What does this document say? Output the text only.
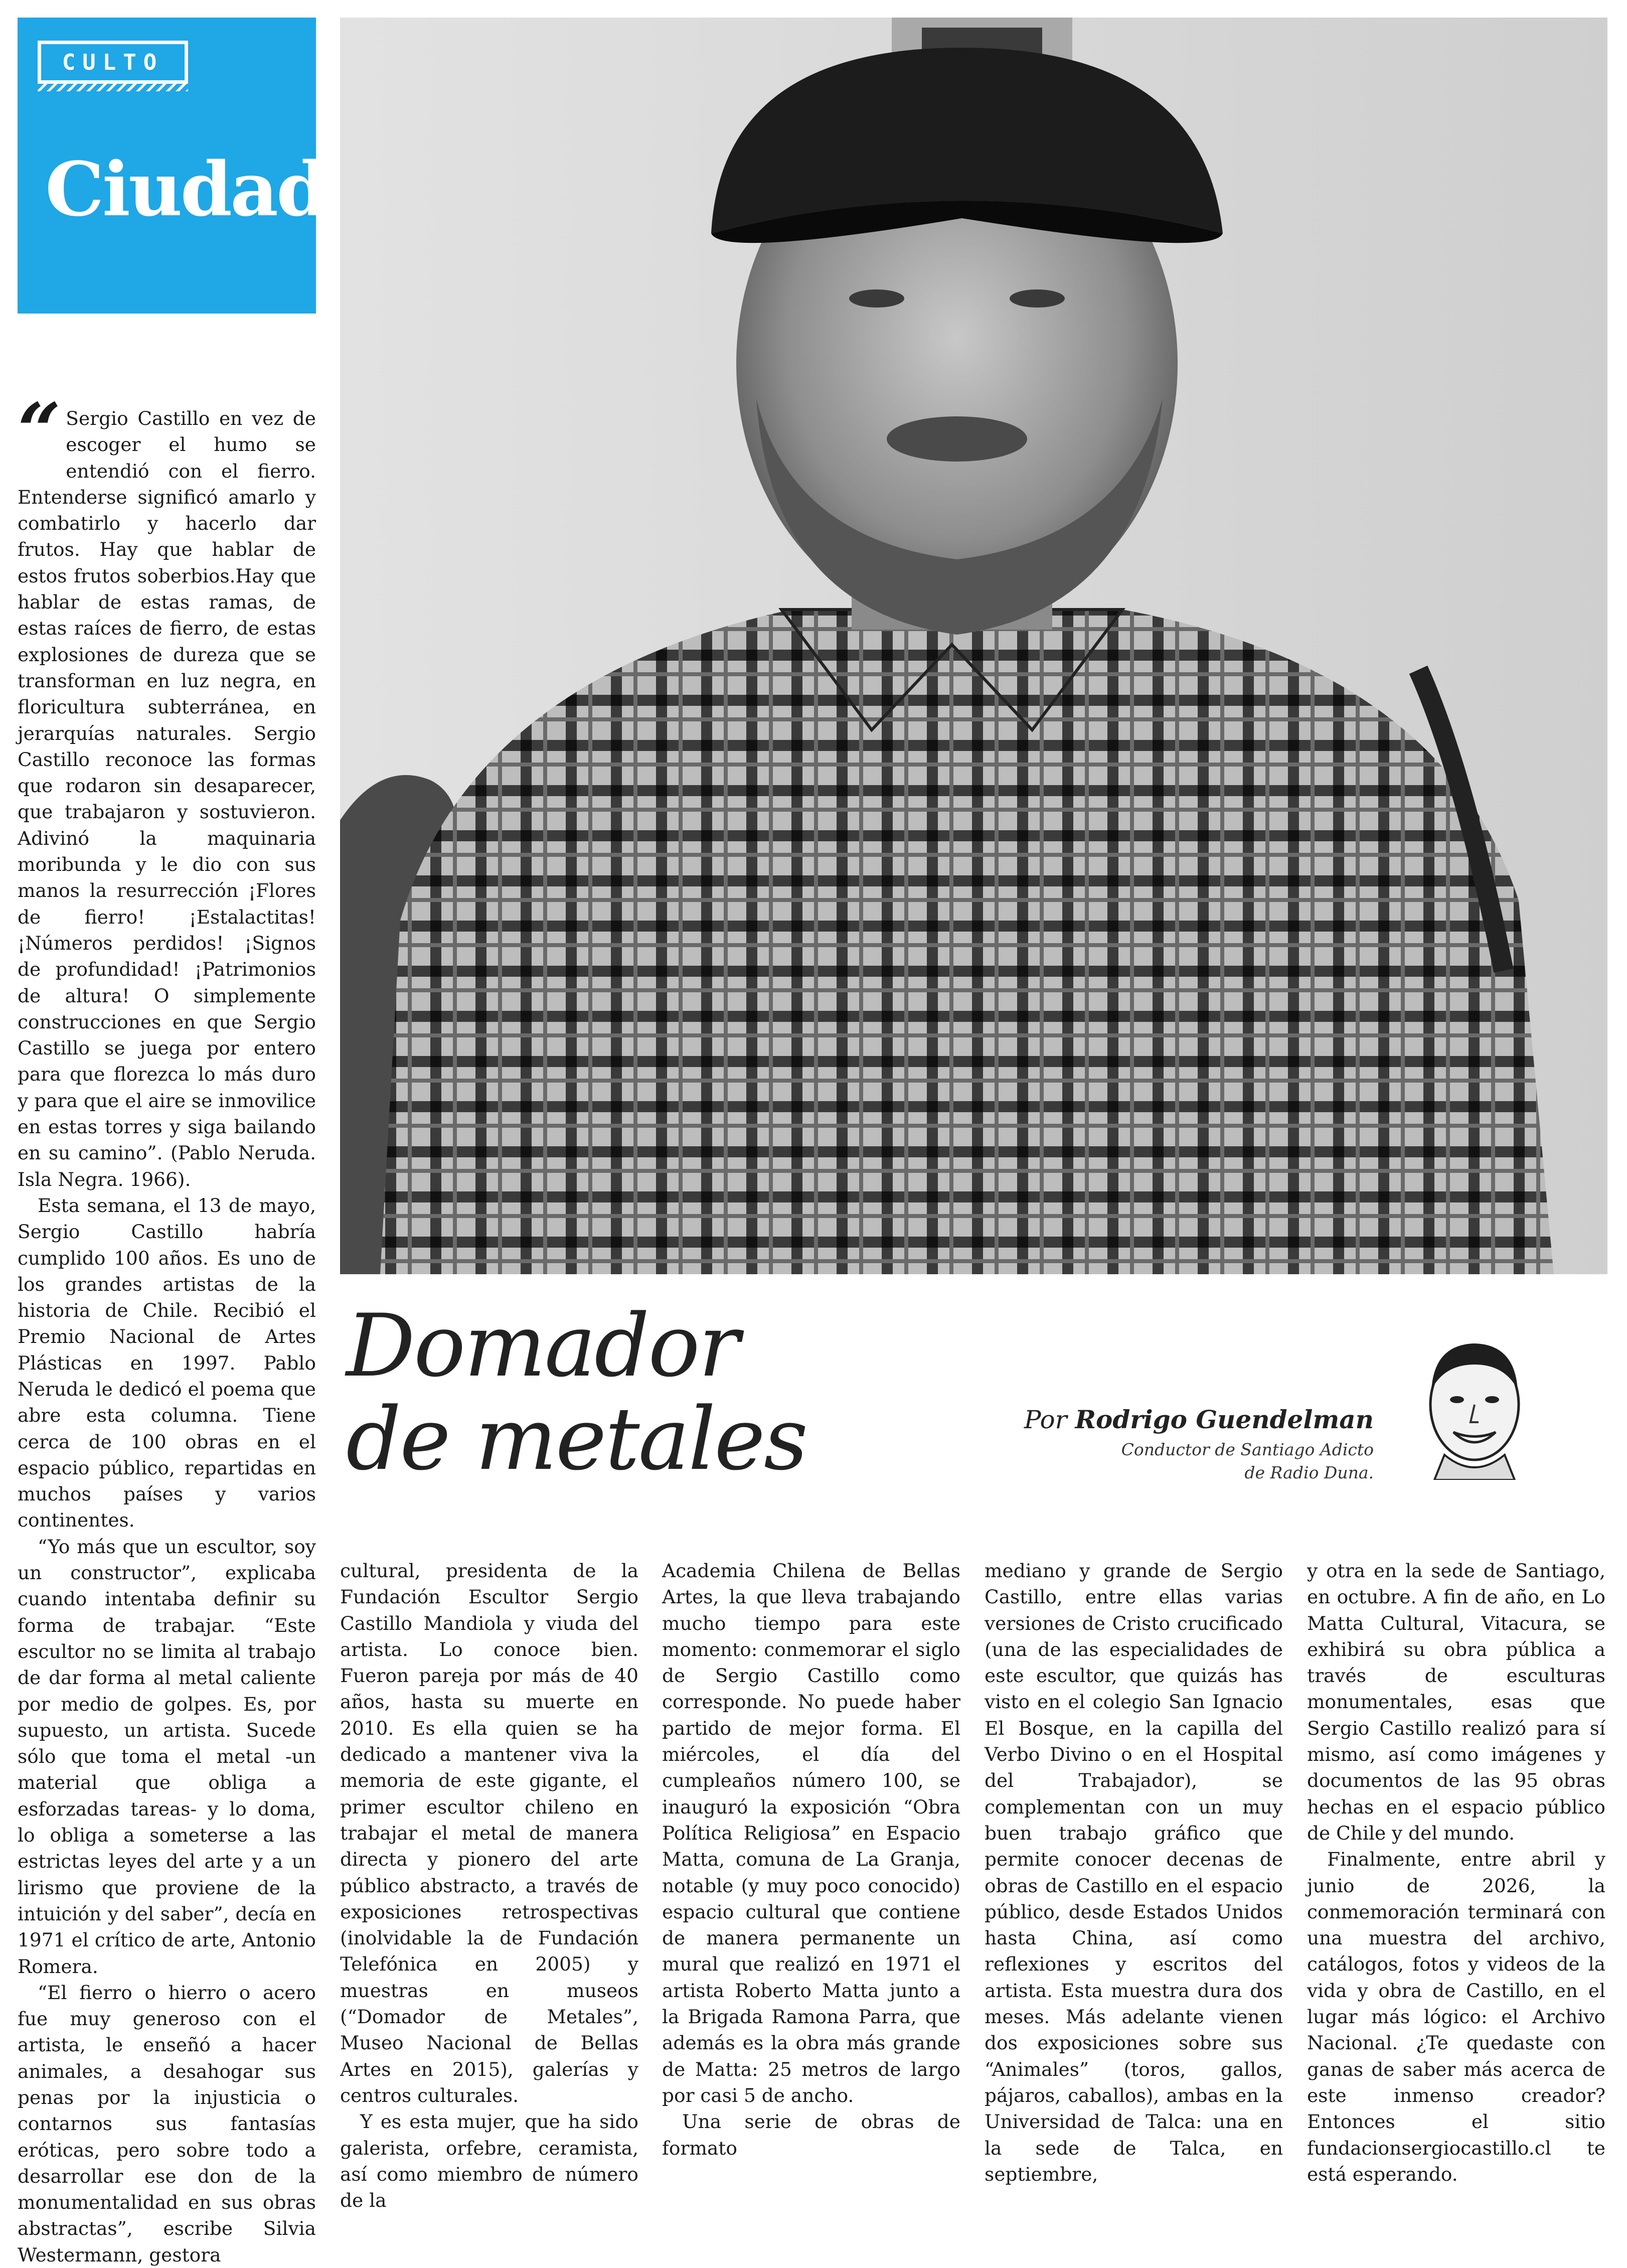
CULTO
Ciudad
Domador
de metales	Por Rodrigo Guendelman
Conductor de Santiago Adicto
de Radio Duna.

“ Sergio Castillo en vez de escoger el humo se entendió con el fierro. Entenderse significó amarlo y combatirlo y hacerlo dar frutos. Hay que hablar de estos frutos soberbios.Hay que hablar de estas ramas, de estas raíces de fierro, de estas explosiones de dureza que se transforman en luz negra, en floricultura subterránea, en jerarquías naturales. Sergio Castillo reconoce las formas que rodaron sin desaparecer, que trabajaron y sostuvieron. Adivinó la maquinaria moribunda y le dio con sus manos la resurrección ¡Flores de fierro! ¡Estalactitas! ¡Números perdidos! ¡Signos de profundidad! ¡Patrimonios de altura! O simplemente construcciones en que Sergio Castillo se juega por entero para que florezca lo más duro y para que el aire se inmovilice en estas torres y siga bailando en su camino”. (Pablo Neruda. Isla Negra. 1966).

Esta semana, el 13 de mayo, Sergio Castillo habría cumplido 100 años. Es uno de los grandes artistas de la historia de Chile. Recibió el Premio Nacional de Artes Plásticas en 1997. Pablo Neruda le dedicó el poema que abre esta columna. Tiene cerca de 100 obras en el espacio público, repartidas en muchos países y varios continentes.

“Yo más que un escultor, soy un constructor”, explicaba cuando intentaba definir su forma de trabajar. “Este escultor no se limita al trabajo de dar forma al metal caliente por medio de golpes. Es, por supuesto, un artista. Sucede sólo que toma el metal -un material que obliga a esforzadas tareas- y lo doma, lo obliga a someterse a las estrictas leyes del arte y a un lirismo que proviene de la intuición y del saber”, decía en 1971 el crítico de arte, Antonio Romera.

“El fierro o hierro o acero fue muy generoso con el artista, le enseñó a hacer animales, a desahogar sus penas por la injusticia o contarnos sus fantasías eróticas, pero sobre todo a desarrollar ese don de la monumentalidad en sus obras abstractas”, escribe Silvia Westermann, gestora

cultural, presidenta de la Fundación Escultor Sergio Castillo Mandiola y viuda del artista. Lo conoce bien. Fueron pareja por más de 40 años, hasta su muerte en 2010. Es ella quien se ha dedicado a mantener viva la memoria de este gigante, el primer escultor chileno en trabajar el metal de manera directa y pionero del arte público abstracto, a través de exposiciones retrospectivas (inolvidable la de Fundación Telefónica en 2005) y muestras en museos (“Domador de Metales”, Museo Nacional de Bellas Artes en 2015), galerías y centros culturales.

Y es esta mujer, que ha sido galerista, orfebre, ceramista, así como miembro de número de la

Academia Chilena de Bellas Artes, la que lleva trabajando mucho tiempo para este momento: conmemorar el siglo de Sergio Castillo como corresponde. No puede haber partido de mejor forma. El miércoles, el día del cumpleaños número 100, se inauguró la exposición “Obra Política Religiosa” en Espacio Matta, comuna de La Granja, notable (y muy poco conocido) espacio cultural que contiene de manera permanente un mural que realizó en 1971 el artista Roberto Matta junto a la Brigada Ramona Parra, que además es la obra más grande de Matta: 25 metros de largo por casi 5 de ancho.

Una serie de obras de formato

mediano y grande de Sergio Castillo, entre ellas varias versiones de Cristo crucificado (una de las especialidades de este escultor, que quizás has visto en el colegio San Ignacio El Bosque, en la capilla del Verbo Divino o en el Hospital del Trabajador), se complementan con un muy buen trabajo gráfico que permite conocer decenas de obras de Castillo en el espacio público, desde Estados Unidos hasta China, así como reflexiones y escritos del artista. Esta muestra dura dos meses. Más adelante vienen dos exposiciones sobre sus “Animales” (toros, gallos, pájaros, caballos), ambas en la Universidad de Talca: una en la sede de Talca, en septiembre,

y otra en la sede de Santiago, en octubre. A fin de año, en Lo Matta Cultural, Vitacura, se exhibirá su obra pública a través de esculturas monumentales, esas que Sergio Castillo realizó para sí mismo, así como imágenes y documentos de las 95 obras hechas en el espacio público de Chile y del mundo.

Finalmente, entre abril y junio de 2026, la conmemoración terminará con una muestra del archivo, catálogos, fotos y videos de la vida y obra de Castillo, en el lugar más lógico: el Archivo Nacional. ¿Te quedaste con ganas de saber más acerca de este inmenso creador? Entonces el sitio fundacionsergiocastillo.cl te está esperando.
